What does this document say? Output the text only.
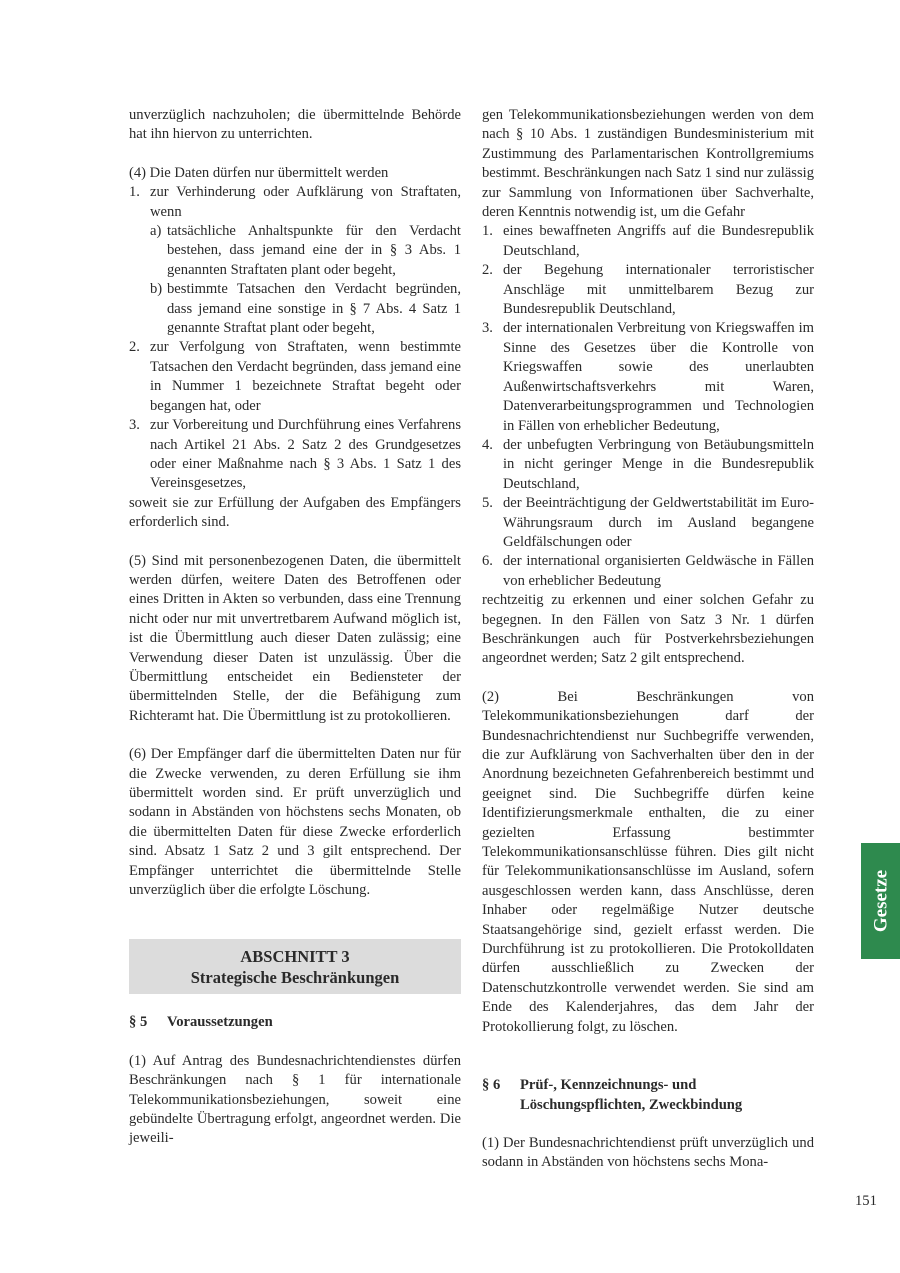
unverzüglich nachzuholen; die übermittelnde Behörde hat ihn hiervon zu unterrichten.

(4) Die Daten dürfen nur übermittelt werden

1. zur Verhinderung oder Aufklärung von Straftaten, wenn
a) tatsächliche Anhaltspunkte für den Verdacht bestehen, dass jemand eine der in § 3 Abs. 1 genannten Straftaten plant oder begeht,
b) bestimmte Tatsachen den Verdacht begründen, dass jemand eine sonstige in § 7 Abs. 4 Satz 1 genannte Straftat plant oder begeht,
2. zur Verfolgung von Straftaten, wenn bestimmte Tatsachen den Verdacht begründen, dass jemand eine in Nummer 1 bezeichnete Straftat begeht oder begangen hat, oder
3. zur Vorbereitung und Durchführung eines Verfahrens nach Artikel 21 Abs. 2 Satz 2 des Grundgesetzes oder einer Maßnahme nach § 3 Abs. 1 Satz 1 des Vereinsgesetzes,

soweit sie zur Erfüllung der Aufgaben des Empfängers erforderlich sind.

(5) Sind mit personenbezogenen Daten, die übermittelt werden dürfen, weitere Daten des Betroffenen oder eines Dritten in Akten so verbunden, dass eine Trennung nicht oder nur mit unvertretbarem Aufwand möglich ist, ist die Übermittlung auch dieser Daten zulässig; eine Verwendung dieser Daten ist unzulässig. Über die Übermittlung entscheidet ein Bediensteter der übermittelnden Stelle, der die Befähigung zum Richteramt hat. Die Übermittlung ist zu protokollieren.

(6) Der Empfänger darf die übermittelten Daten nur für die Zwecke verwenden, zu deren Erfüllung sie ihm übermittelt worden sind. Er prüft unverzüglich und sodann in Abständen von höchstens sechs Monaten, ob die übermittelten Daten für diese Zwecke erforderlich sind. Absatz 1 Satz 2 und 3 gilt entsprechend. Der Empfänger unterrichtet die übermittelnde Stelle unverzüglich über die erfolgte Löschung.

ABSCHNITT 3
Strategische Beschränkungen
§ 5 Voraussetzungen

(1) Auf Antrag des Bundesnachrichtendienstes dürfen Beschränkungen nach § 1 für internationale Telekommunikationsbeziehungen, soweit eine gebündelte Übertragung erfolgt, angeordnet werden. Die jeweili-

gen Telekommunikationsbeziehungen werden von dem nach § 10 Abs. 1 zuständigen Bundesministerium mit Zustimmung des Parlamentarischen Kontrollgremiums bestimmt. Beschränkungen nach Satz 1 sind nur zulässig zur Sammlung von Informationen über Sachverhalte, deren Kenntnis notwendig ist, um die Gefahr

1. eines bewaffneten Angriffs auf die Bundesrepublik Deutschland,
2. der Begehung internationaler terroristischer Anschläge mit unmittelbarem Bezug zur Bundesrepublik Deutschland,
3. der internationalen Verbreitung von Kriegswaffen im Sinne des Gesetzes über die Kontrolle von Kriegswaffen sowie des unerlaubten Außenwirtschaftsverkehrs mit Waren, Datenverarbeitungsprogrammen und Technologien in Fällen von erheblicher Bedeutung,
4. der unbefugten Verbringung von Betäubungsmitteln in nicht geringer Menge in die Bundesrepublik Deutschland,
5. der Beeinträchtigung der Geldwertstabilität im Euro-Währungsraum durch im Ausland begangene Geldfälschungen oder
6. der international organisierten Geldwäsche in Fällen von erheblicher Bedeutung

rechtzeitig zu erkennen und einer solchen Gefahr zu begegnen. In den Fällen von Satz 3 Nr. 1 dürfen Beschränkungen auch für Postverkehrsbeziehungen angeordnet werden; Satz 2 gilt entsprechend.

(2) Bei Beschränkungen von Telekommunikationsbeziehungen darf der Bundesnachrichtendienst nur Suchbegriffe verwenden, die zur Aufklärung von Sachverhalten über den in der Anordnung bezeichneten Gefahrenbereich bestimmt und geeignet sind. Die Suchbegriffe dürfen keine Identifizierungsmerkmale enthalten, die zu einer gezielten Erfassung bestimmter Telekommunikationsanschlüsse führen. Dies gilt nicht für Telekommunikationsanschlüsse im Ausland, sofern ausgeschlossen werden kann, dass Anschlüsse, deren Inhaber oder regelmäßige Nutzer deutsche Staatsangehörige sind, gezielt erfasst werden. Die Durchführung ist zu protokollieren. Die Protokolldaten dürfen ausschließlich zu Zwecken der Datenschutzkontrolle verwendet werden. Sie sind am Ende des Kalenderjahres, das dem Jahr der Protokollierung folgt, zu löschen.

§ 6 Prüf-, Kennzeichnungs- und
Löschungspflichten, Zweckbindung

(1) Der Bundesnachrichtendienst prüft unverzüglich und sodann in Abständen von höchstens sechs Mona-

Gesetze
151
